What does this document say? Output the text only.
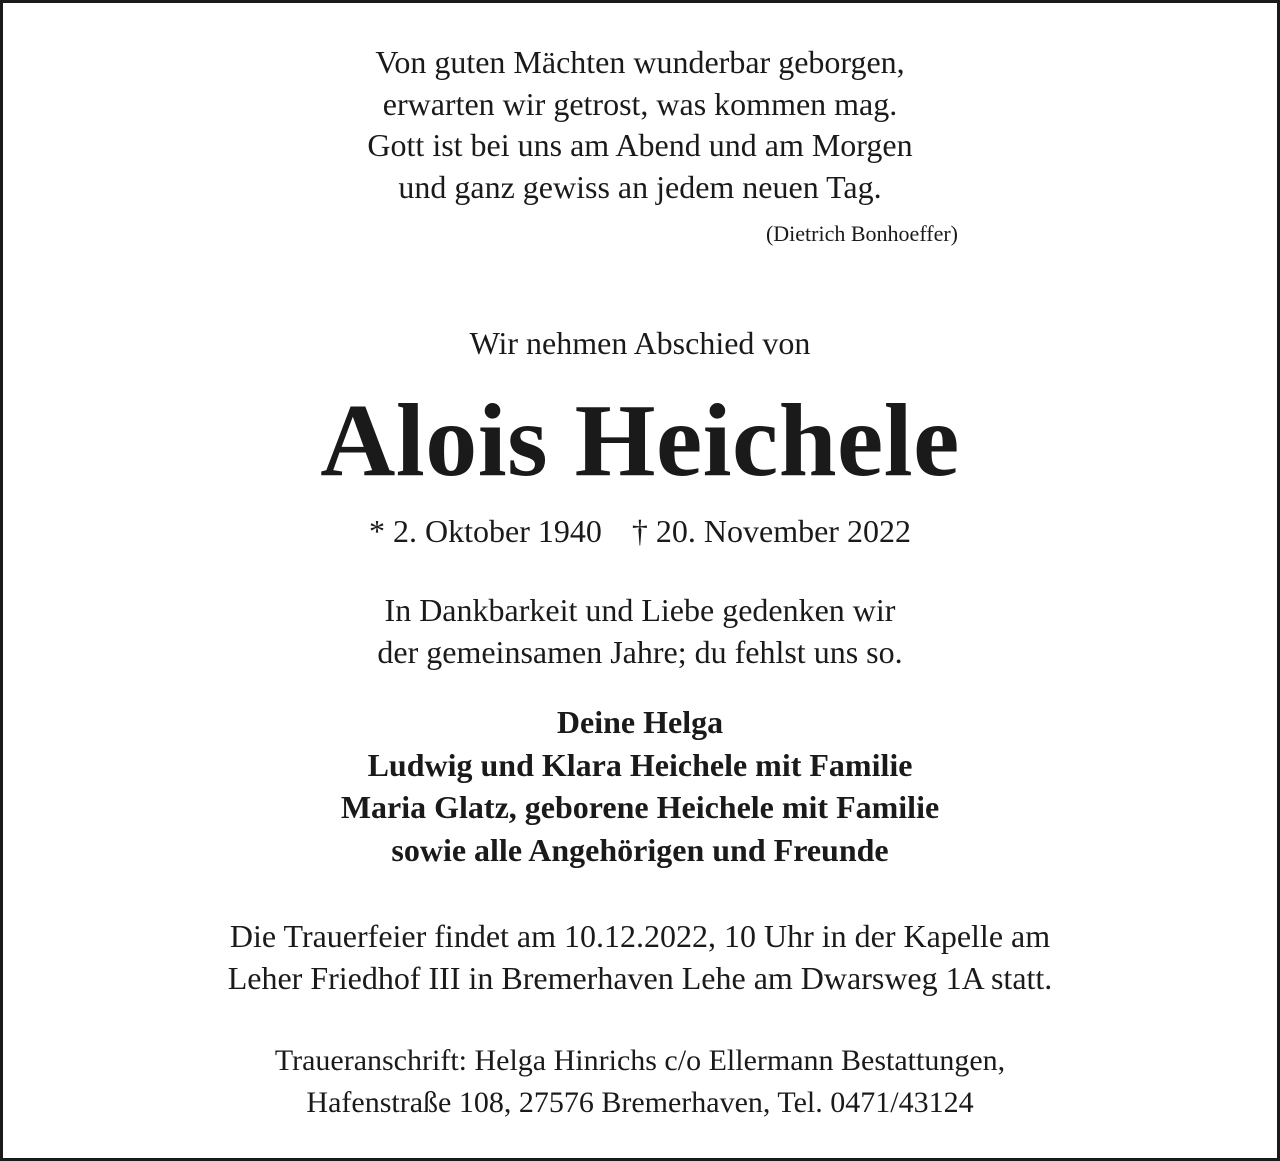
Von guten Mächten wunderbar geborgen,
erwarten wir getrost, was kommen mag.
Gott ist bei uns am Abend und am Morgen
und ganz gewiss an jedem neuen Tag.
(Dietrich Bonhoeffer)
Wir nehmen Abschied von
Alois Heichele
* 2. Oktober 1940 † 20. November 2022
In Dankbarkeit und Liebe gedenken wir
der gemeinsamen Jahre; du fehlst uns so.
Deine Helga
Ludwig und Klara Heichele mit Familie
Maria Glatz, geborene Heichele mit Familie
sowie alle Angehörigen und Freunde
Die Trauerfeier findet am 10.12.2022, 10 Uhr in der Kapelle am
Leher Friedhof III in Bremerhaven Lehe am Dwarsweg 1A statt.
Traueranschrift: Helga Hinrichs c/o Ellermann Bestattungen,
Hafenstraße 108, 27576 Bremerhaven, Tel. 0471/43124
